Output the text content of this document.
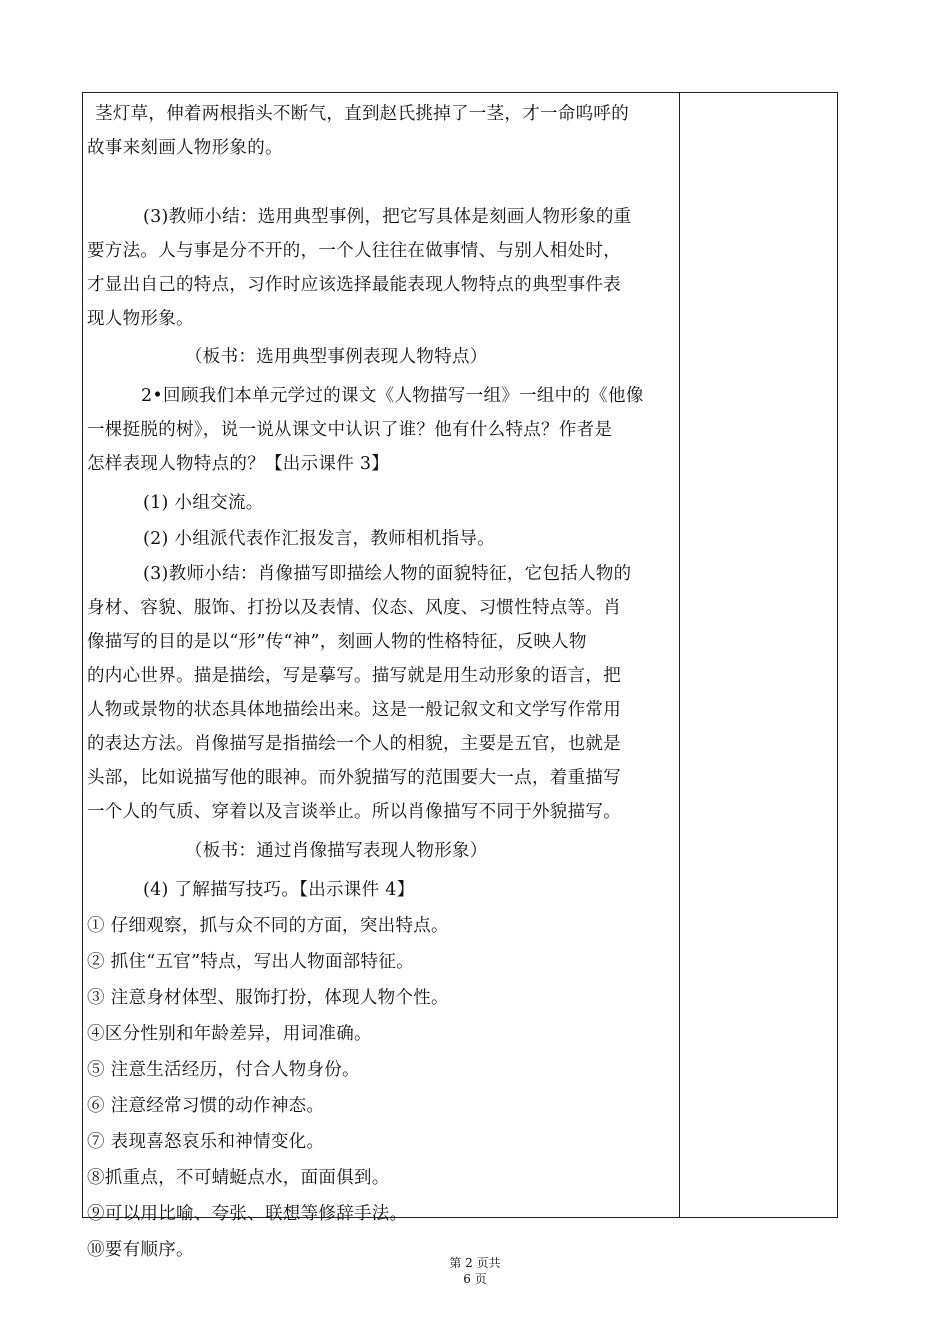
茎灯草，伸着两根指头不断气，直到赵氏挑掉了一茎，才一命呜呼的
故事来刻画人物形象的。
(3)教师小结：选用典型事例，把它写具体是刻画人物形象的重
要方法。人与事是分不开的，一个人往往在做事情、与别人相处时，
才显出自己的特点，习作时应该选择最能表现人物特点的典型事件表
现人物形象。
（板书：选用典型事例表现人物特点）
2•回顾我们本单元学过的课文《人物描写一组》一组中的《他像
一棵挺脱的树》，说一说从课文中认识了谁？他有什么特点？作者是
怎样表现人物特点的？【出示课件 3】
(1) 小组交流。
(2) 小组派代表作汇报发言，教师相机指导。
(3)教师小结：肖像描写即描绘人物的面貌特征，它包括人物的
身材、容貌、服饰、打扮以及表情、仪态、风度、习惯性特点等。肖
像描写的目的是以“形”传“神”，刻画人物的性格特征，反映人物
的内心世界。描是描绘，写是摹写。描写就是用生动形象的语言，把
人物或景物的状态具体地描绘出来。这是一般记叙文和文学写作常用
的表达方法。肖像描写是指描绘一个人的相貌，主要是五官，也就是
头部，比如说描写他的眼神。而外貌描写的范围要大一点，着重描写
一个人的气质、穿着以及言谈举止。所以肖像描写不同于外貌描写。
（板书：通过肖像描写表现人物形象）
(4) 了解描写技巧。【出示课件 4】
① 仔细观察，抓与众不同的方面，突出特点。
② 抓住“五官”特点，写出人物面部特征。
③ 注意身材体型、服饰打扮，体现人物个性。
④区分性别和年龄差异，用词准确。
⑤ 注意生活经历，付合人物身份。
⑥ 注意经常习惯的动作神态。
⑦ 表现喜怒哀乐和神情变化。
⑧抓重点，不可蜻蜓点水，面面俱到。
⑨可以用比喻、夸张、联想等修辞手法。
⑩要有顺序。
第 2 页共
6 页
